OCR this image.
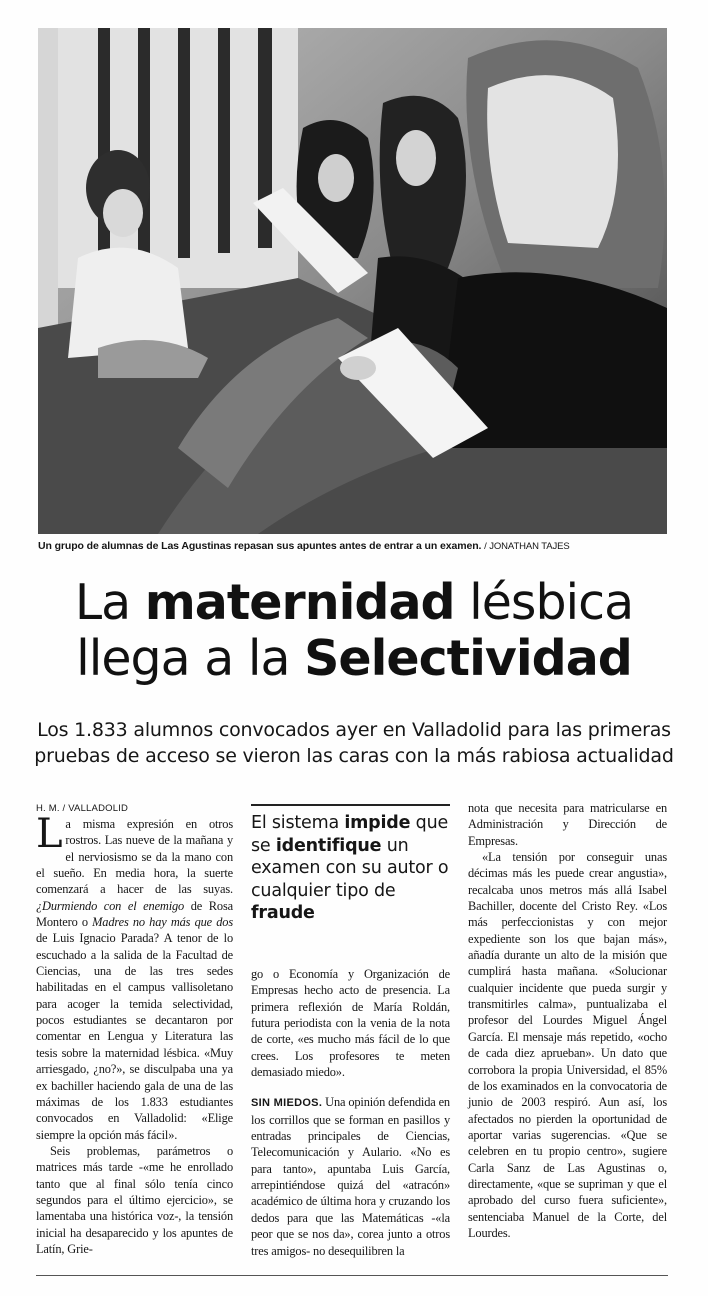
Un grupo de alumnas de Las Agustinas repasan sus apuntes antes de entrar a un examen. / JONATHAN TAJES
La maternidad lésbica
llega a la Selectividad

Los 1.833 alumnos convocados ayer en Valladolid para las primeras
pruebas de acceso se vieron las caras con la más rabiosa actualidad

H. M. / VALLADOLID

La misma expresión en otros rostros. Las nueve de la mañana y el nerviosismo se da la mano con el sueño. En media hora, la suerte comenzará a hacer de las suyas. ¿Durmiendo con el enemigo de Rosa Montero o Madres no hay más que dos de Luis Ignacio Parada? A tenor de lo escuchado a la salida de la Facultad de Ciencias, una de las tres sedes habilitadas en el campus vallisoletano para acoger la temida selectividad, pocos estudiantes se decantaron por comentar en Lengua y Literatura las tesis sobre la maternidad lésbica. «Muy arriesgado, ¿no?», se disculpaba una ya ex bachiller haciendo gala de una de las máximas de los 1.833 estudiantes convocados en Valladolid: «Elige siempre la opción más fácil».

Seis problemas, parámetros o matrices más tarde -«me he enrollado tanto que al final sólo tenía cinco segundos para el último ejercicio», se lamentaba una histórica voz-, la tensión inicial ha desaparecido y los apuntes de Latín, Grie-

El sistema impide que se identifique un examen con su autor o cualquier tipo de fraude

go o Economía y Organización de Empresas hecho acto de presencia. La primera reflexión de María Roldán, futura periodista con la venia de la nota de corte, «es mucho más fácil de lo que crees. Los profesores te meten demasiado miedo».

SIN MIEDOS. Una opinión defendida en los corrillos que se forman en pasillos y entradas principales de Ciencias, Telecomunicación y Aulario. «No es para tanto», apuntaba Luis García, arrepintiéndose quizá del «atracón» académico de última hora y cruzando los dedos para que las Matemáticas -«la peor que se nos da», corea junto a otros tres amigos- no desequilibren la

nota que necesita para matricularse en Administración y Dirección de Empresas.

«La tensión por conseguir unas décimas más les puede crear angustia», recalcaba unos metros más allá Isabel Bachiller, docente del Cristo Rey. «Los más perfeccionistas y con mejor expediente son los que bajan más», añadía durante un alto de la misión que cumplirá hasta mañana. «Solucionar cualquier incidente que pueda surgir y transmitirles calma», puntualizaba el profesor del Lourdes Miguel Ángel García. El mensaje más repetido, «ocho de cada diez aprueban». Un dato que corrobora la propia Universidad, el 85% de los examinados en la convocatoria de junio de 2003 respiró. Aun así, los afectados no pierden la oportunidad de aportar varias sugerencias. «Que se celebren en tu propio centro», sugiere Carla Sanz de Las Agustinas o, directamente, «que se supriman y que el aprobado del curso fuera suficiente», sentenciaba Manuel de la Corte, del Lourdes.
